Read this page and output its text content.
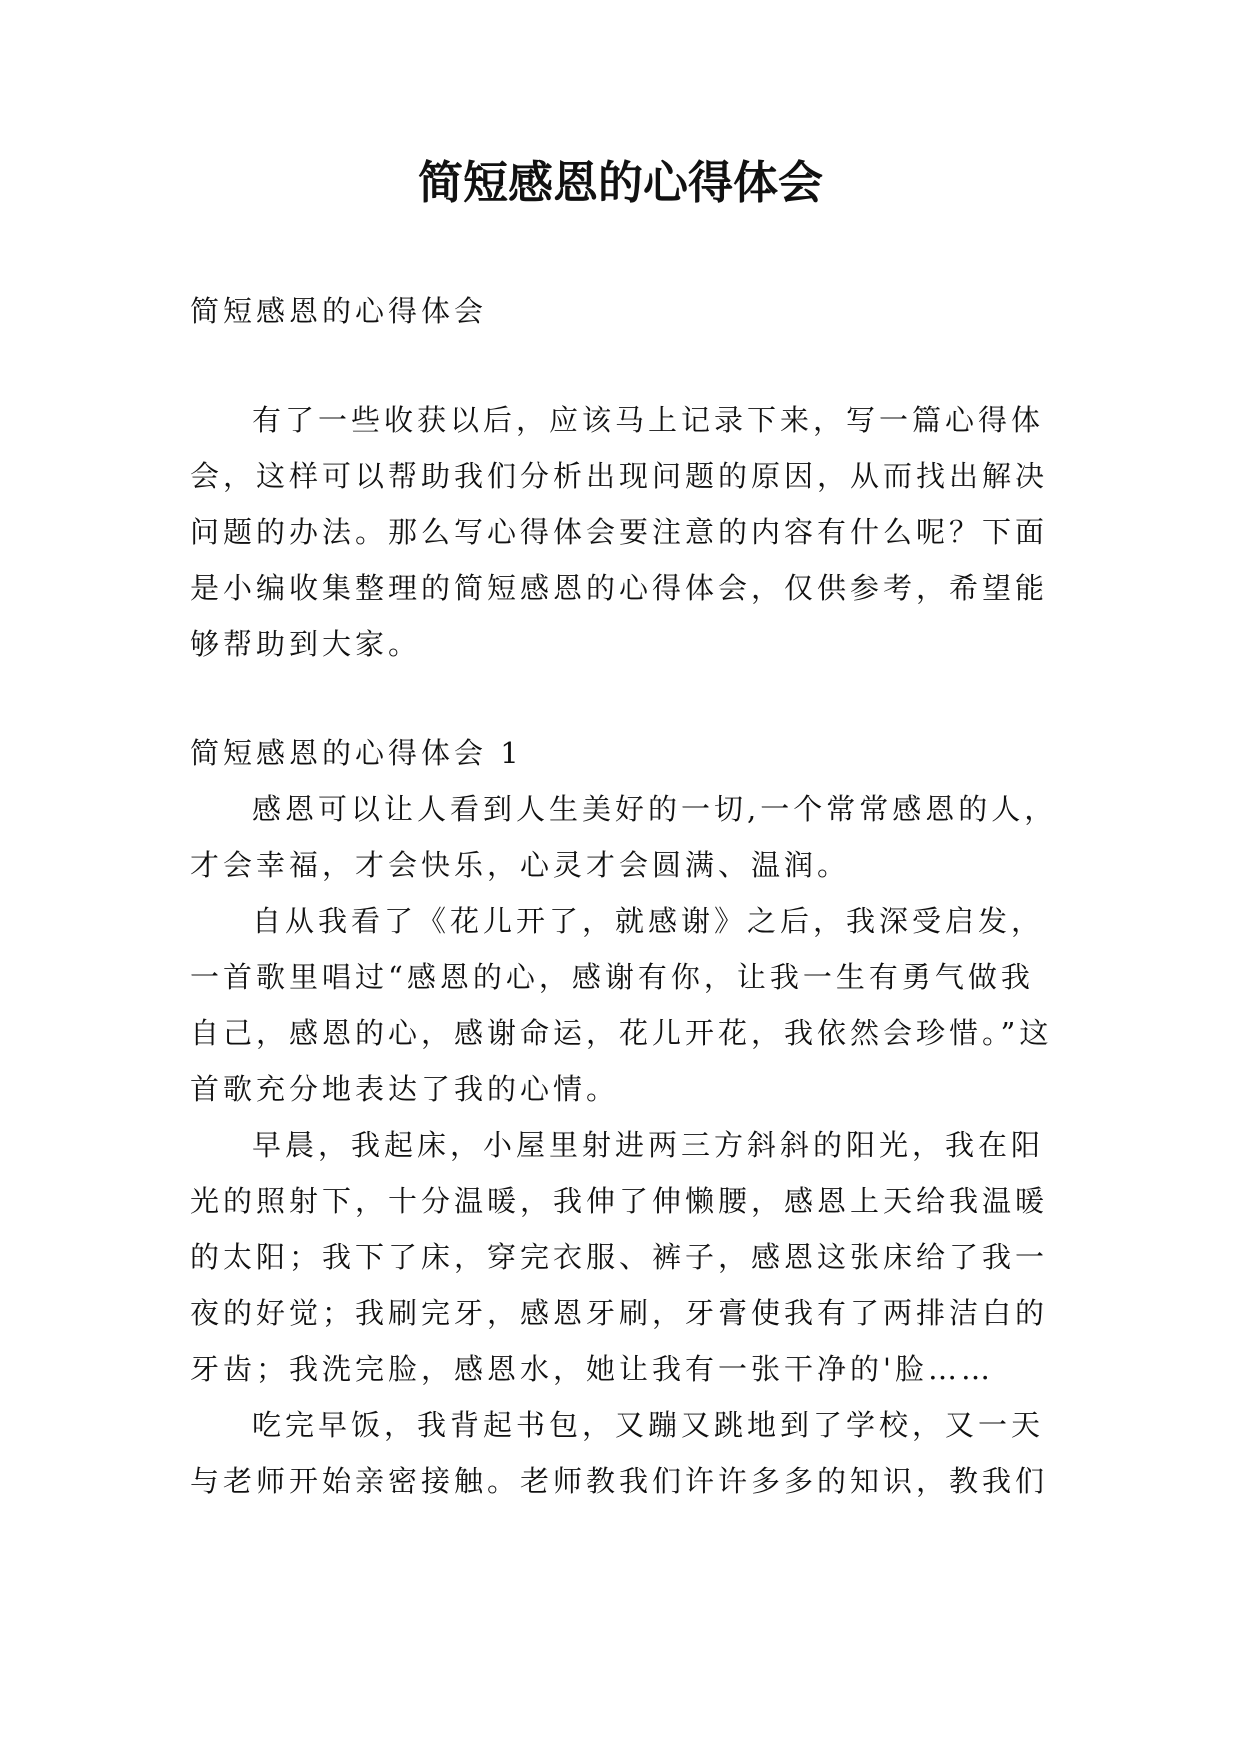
简短感恩的心得体会

简短感恩的心得体会

有了一些收获以后，应该马上记录下来，写一篇心得体会，这样可以帮助我们分析出现问题的原因，从而找出解决问题的办法。那么写心得体会要注意的内容有什么呢？下面是小编收集整理的简短感恩的心得体会，仅供参考，希望能够帮助到大家。

简短感恩的心得体会 1

感恩可以让人看到人生美好的一切,一个常常感恩的人，才会幸福，才会快乐，心灵才会圆满、温润。

自从我看了《花儿开了，就感谢》之后，我深受启发，一首歌里唱过“感恩的心，感谢有你，让我一生有勇气做我自己，感恩的心，感谢命运，花儿开花，我依然会珍惜。”这首歌充分地表达了我的心情。

早晨，我起床，小屋里射进两三方斜斜的阳光，我在阳光的照射下，十分温暖，我伸了伸懒腰，感恩上天给我温暖的太阳；我下了床，穿完衣服、裤子，感恩这张床给了我一夜的好觉；我刷完牙，感恩牙刷，牙膏使我有了两排洁白的牙齿；我洗完脸，感恩水，她让我有一张干净的'脸……

吃完早饭，我背起书包，又蹦又跳地到了学校，又一天与老师开始亲密接触。老师教我们许许多多的知识，教我们
